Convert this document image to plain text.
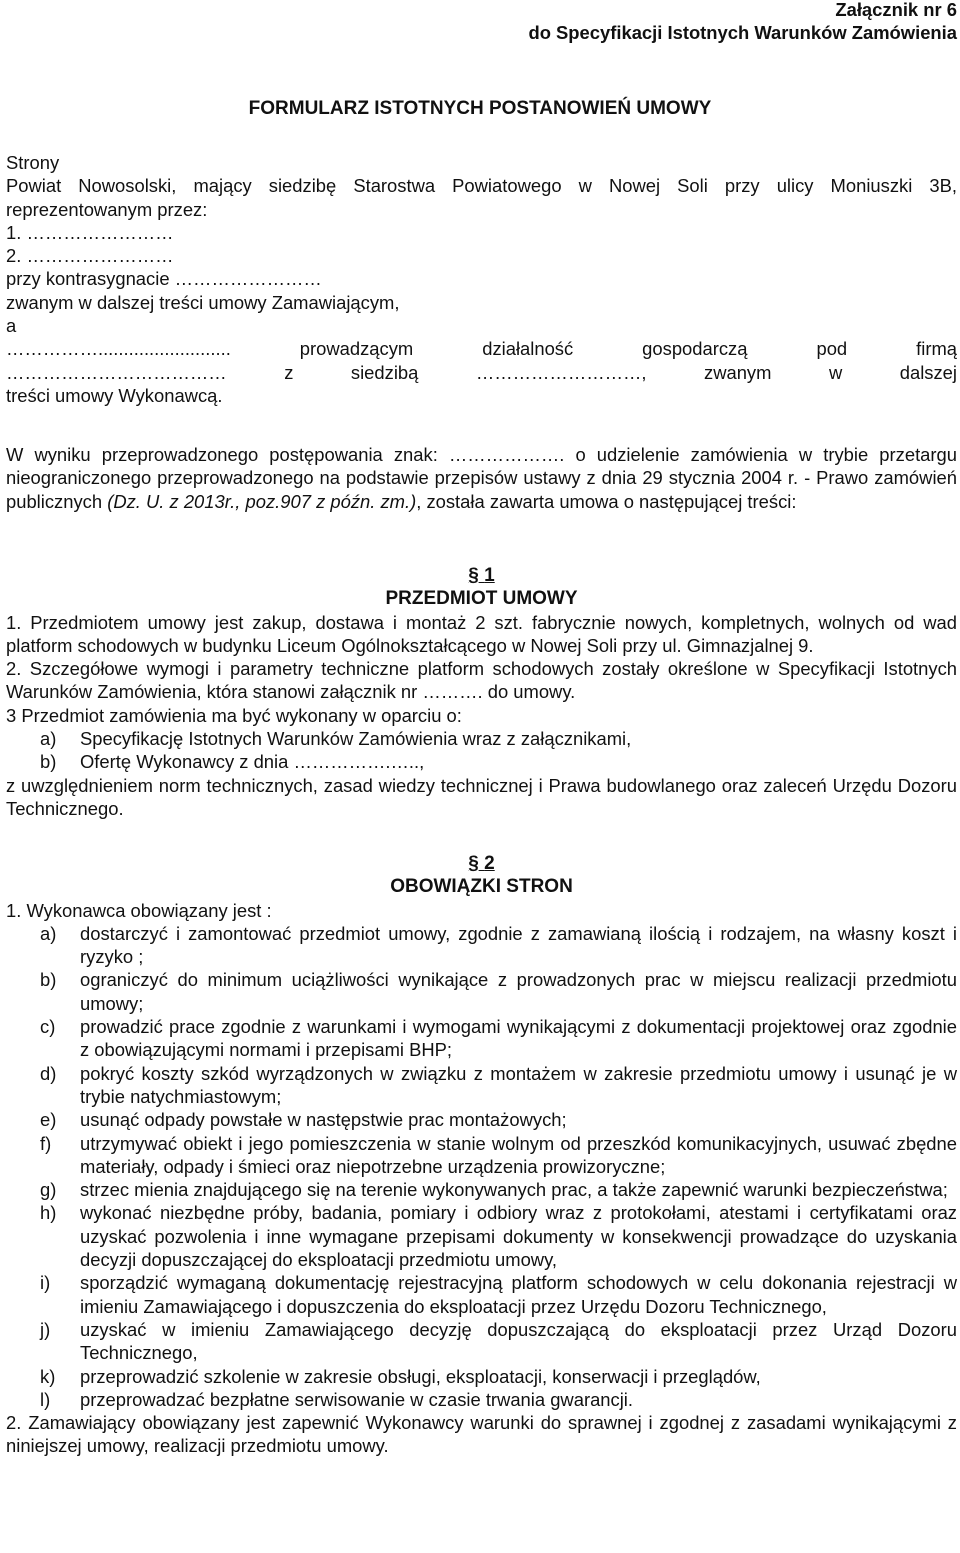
Załącznik nr 6
do Specyfikacji Istotnych Warunków Zamówienia
FORMULARZ ISTOTNYCH POSTANOWIEŃ UMOWY

Strony

Powiat Nowosolski, mający siedzibę Starostwa Powiatowego w Nowej Soli przy ulicy Moniuszki 3B,

reprezentowanym przez:

1. ……………………

2. ……………………

przy kontrasygnacie ……………………

zwanym w dalszej treści umowy Zamawiającym,

a

…………….......................... prowadzącym działalność gospodarczą pod firmą

……………………………… z siedzibą ………………………, zwanym w dalszej

treści umowy Wykonawcą.

W wyniku przeprowadzonego postępowania znak: ………………. o udzielenie zamówienia w trybie przetargu nieograniczonego przeprowadzonego na podstawie przepisów ustawy z dnia 29 stycznia 2004 r. - Prawo zamówień publicznych (Dz. U. z 2013r., poz.907 z późn. zm.), została zawarta umowa o następującej treści:

§ 1
PRZEDMIOT UMOWY

1. Przedmiotem umowy jest zakup, dostawa i montaż 2 szt. fabrycznie nowych, kompletnych, wolnych od wad platform schodowych w budynku Liceum Ogólnokształcącego w Nowej Soli przy ul. Gimnazjalnej 9.

2. Szczegółowe wymogi i parametry techniczne platform schodowych zostały określone w Specyfikacji Istotnych Warunków Zamówienia, która stanowi załącznik nr ………. do umowy.

3 Przedmiot zamówienia ma być wykonany w oparciu o:

a) Specyfikację Istotnych Warunków Zamówienia wraz z załącznikami,
b) Ofertę Wykonawcy z dnia …………….…..,

z uwzględnieniem norm technicznych, zasad wiedzy technicznej i Prawa budowlanego oraz zaleceń Urzędu Dozoru Technicznego.

§ 2
OBOWIĄZKI STRON

1. Wykonawca obowiązany jest :

a) dostarczyć i zamontować przedmiot umowy, zgodnie z zamawianą ilością i rodzajem, na własny koszt i ryzyko ;
b) ograniczyć do minimum uciążliwości wynikające z prowadzonych prac w miejscu realizacji przedmiotu umowy;
c) prowadzić prace zgodnie z warunkami i wymogami wynikającymi z dokumentacji projektowej oraz zgodnie z obowiązującymi normami i przepisami BHP;
d) pokryć koszty szkód wyrządzonych w związku z montażem w zakresie przedmiotu umowy i usunąć je w trybie natychmiastowym;
e) usunąć odpady powstałe w następstwie prac montażowych;
f) utrzymywać obiekt i jego pomieszczenia w stanie wolnym od przeszkód komunikacyjnych, usuwać zbędne materiały, odpady i śmieci oraz niepotrzebne urządzenia prowizoryczne;
g) strzec mienia znajdującego się na terenie wykonywanych prac, a także zapewnić warunki bezpieczeństwa;
h) wykonać niezbędne próby, badania, pomiary i odbiory wraz z protokołami, atestami i certyfikatami oraz uzyskać pozwolenia i inne wymagane przepisami dokumenty w konsekwencji prowadzące do uzyskania decyzji dopuszczającej do eksploatacji przedmiotu umowy,
i) sporządzić wymaganą dokumentację rejestracyjną platform schodowych w celu dokonania rejestracji w imieniu Zamawiającego i dopuszczenia do eksploatacji przez Urzędu Dozoru Technicznego,
j) uzyskać w imieniu Zamawiającego decyzję dopuszczającą do eksploatacji przez Urząd Dozoru Technicznego,
k) przeprowadzić szkolenie w zakresie obsługi, eksploatacji, konserwacji i przeglądów,
l) przeprowadzać bezpłatne serwisowanie w czasie trwania gwarancji.

2. Zamawiający obowiązany jest zapewnić Wykonawcy warunki do sprawnej i zgodnej z zasadami wynikającymi z niniejszej umowy, realizacji przedmiotu umowy.
